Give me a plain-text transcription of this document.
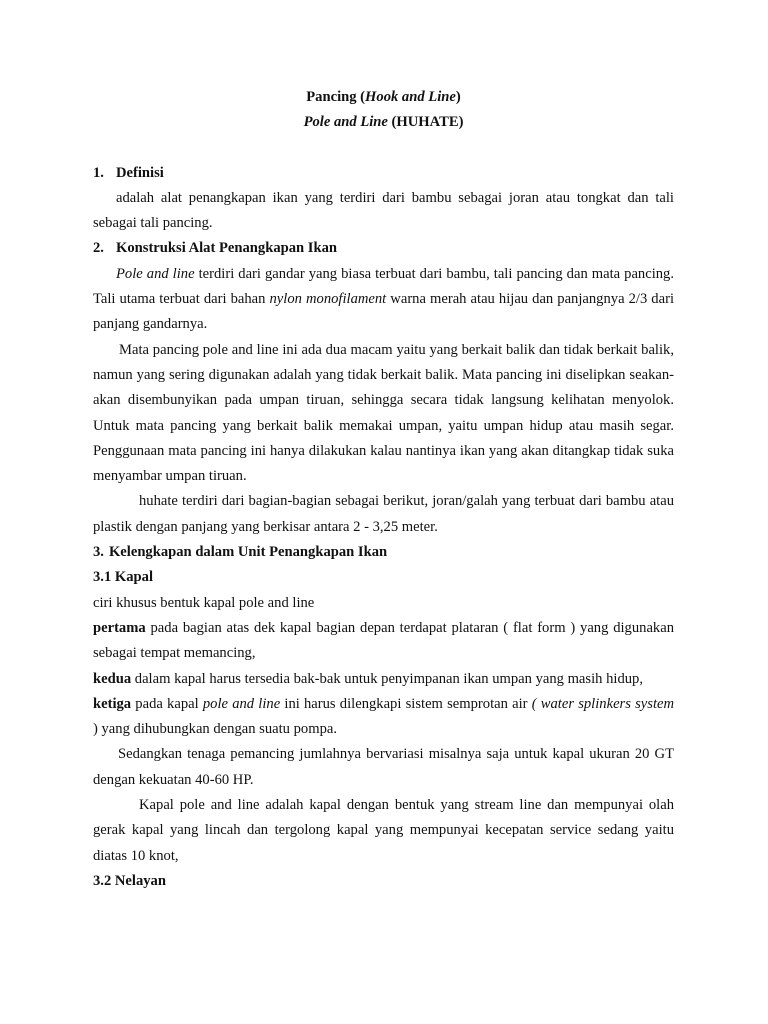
Pancing (Hook and Line)
Pole and Line (HUHATE)
1. Definisi

adalah alat penangkapan ikan yang terdiri dari bambu sebagai joran atau tongkat dan tali sebagai tali pancing.

2. Konstruksi Alat Penangkapan Ikan

Pole and line terdiri dari gandar yang biasa terbuat dari bambu, tali pancing dan mata pancing. Tali utama terbuat dari bahan nylon monofilament warna merah atau hijau dan panjangnya 2/3 dari panjang gandarnya.

Mata pancing pole and line ini ada dua macam yaitu yang berkait balik dan tidak berkait balik, namun yang sering digunakan adalah yang tidak berkait balik. Mata pancing ini diselipkan seakan-akan disembunyikan pada umpan tiruan, sehingga secara tidak langsung kelihatan menyolok. Untuk mata pancing yang berkait balik memakai umpan, yaitu umpan hidup atau masih segar. Penggunaan mata pancing ini hanya dilakukan kalau nantinya ikan yang akan ditangkap tidak suka menyambar umpan tiruan.

huhate terdiri dari bagian-bagian sebagai berikut, joran/galah yang terbuat dari bambu atau plastik dengan panjang yang berkisar antara 2 - 3,25 meter.

3. Kelengkapan dalam Unit Penangkapan Ikan
3.1 Kapal

ciri khusus bentuk kapal pole and line

pertama pada bagian atas dek kapal bagian depan terdapat plataran ( flat form ) yang digunakan sebagai tempat memancing,

kedua dalam kapal harus tersedia bak-bak untuk penyimpanan ikan umpan yang masih hidup,

ketiga pada kapal pole and line ini harus dilengkapi sistem semprotan air ( water splinkers system ) yang dihubungkan dengan suatu pompa.

Sedangkan tenaga pemancing jumlahnya bervariasi misalnya saja untuk kapal ukuran 20 GT dengan kekuatan 40-60 HP.

Kapal pole and line adalah kapal dengan bentuk yang stream line dan mempunyai olah gerak kapal yang lincah dan tergolong kapal yang mempunyai kecepatan service sedang yaitu diatas 10 knot,

3.2 Nelayan
